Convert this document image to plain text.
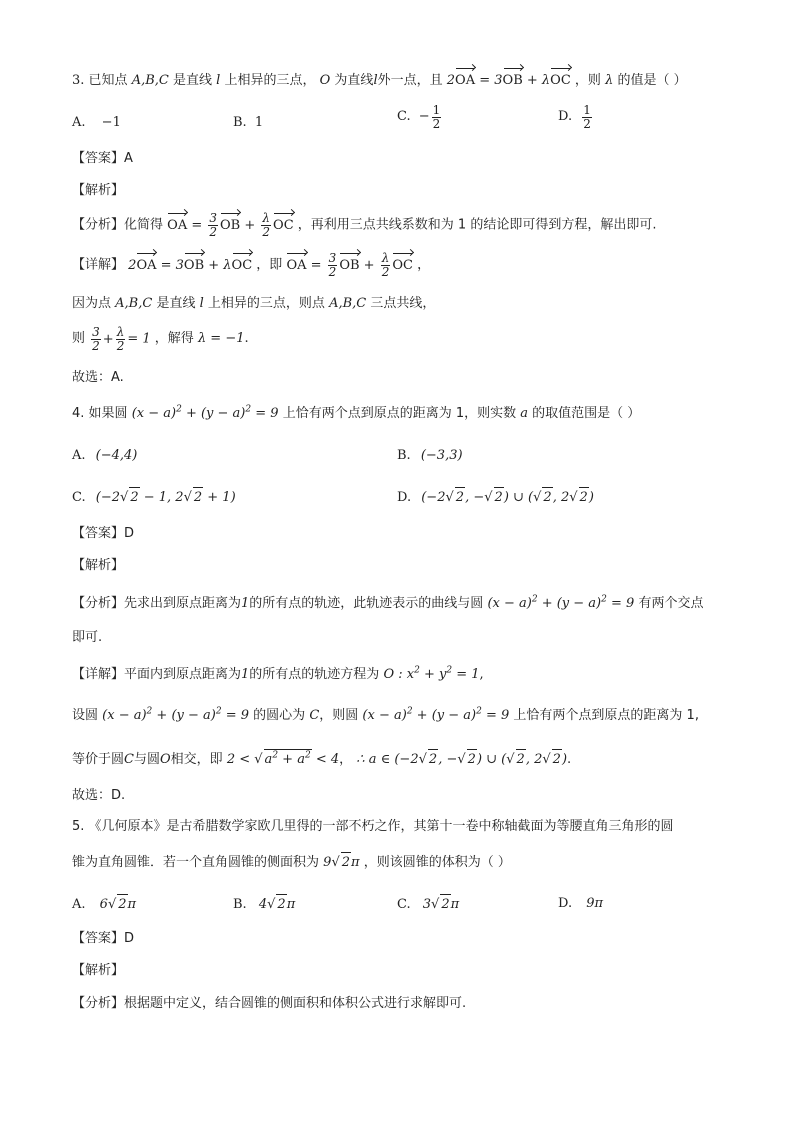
3. 已知点 A,B,C 是直线 l 上相异的三点， O 为直线l外一点，且 2OA = 3OB + λOC ，则 λ 的值是（ ）
A. −1	B. 1	C. − $\frac{1}{2}$	D. $\frac{1}{2}$
【答案】A
【解析】
【分析】化简得 OA = $\frac{3}{2}$ OB + $\frac{\lambda}{2}$ OC ，再利用三点共线系数和为 1 的结论即可得到方程，解出即可.
【详解】 2OA = 3OB + λOC ，即 OA = $\frac{3}{2}$ OB + $\frac{\lambda}{2}$ OC ，
因为点 A,B,C 是直线 l 上相异的三点，则点 A,B,C 三点共线，
则 $\frac{3}{2} + \frac{\lambda}{2} = 1$ ，解得 λ = −1.
故选：A.
4. 如果圆 $(x - a)^2 + (y - a)^2 = 9$ 上恰有两个点到原点的距离为 1，则实数 a 的取值范围是（ ）
A. (−4,4)	B. (−3,3)
C. (−2√ 2 − 1, 2√ 2 + 1)	D. (−2√ 2, −√ 2) ∪ (√ 2, 2√ 2)
【答案】D
【解析】
【分析】先求出到原点距离为1的所有点的轨迹，此轨迹表示的曲线与圆 $(x - a)^2 + (y - a)^2 = 9$ 有两个交点
即可.
【详解】平面内到原点距离为1的所有点的轨迹方程为 O : $x^2 + y^2 = 1$,
设圆 $(x - a)^2 + (y - a)^2 = 9$ 的圆心为 C，则圆 $(x - a)^2 + (y - a)^2 = 9$ 上恰有两个点到原点的距离为 1,
等价于圆C与圆O相交，即 2 < √ $a^2 + a^2 < 4$， ∴ a ∈ (−2√ 2, −√ 2) ∪ (√ 2, 2√ 2).
故选：D.
5. 《几何原本》是古希腊数学家欧几里得的一部不朽之作，其第十一卷中称轴截面为等腰直角三角形的圆
锥为直角圆锥．若一个直角圆锥的侧面积为 9√ 2π ，则该圆锥的体积为（ ）
A. 6√ 2π	B. 4√ 2π	C. 3√ 2π	D. 9π
【答案】D
【解析】
【分析】根据题中定义，结合圆锥的侧面积和体积公式进行求解即可.
